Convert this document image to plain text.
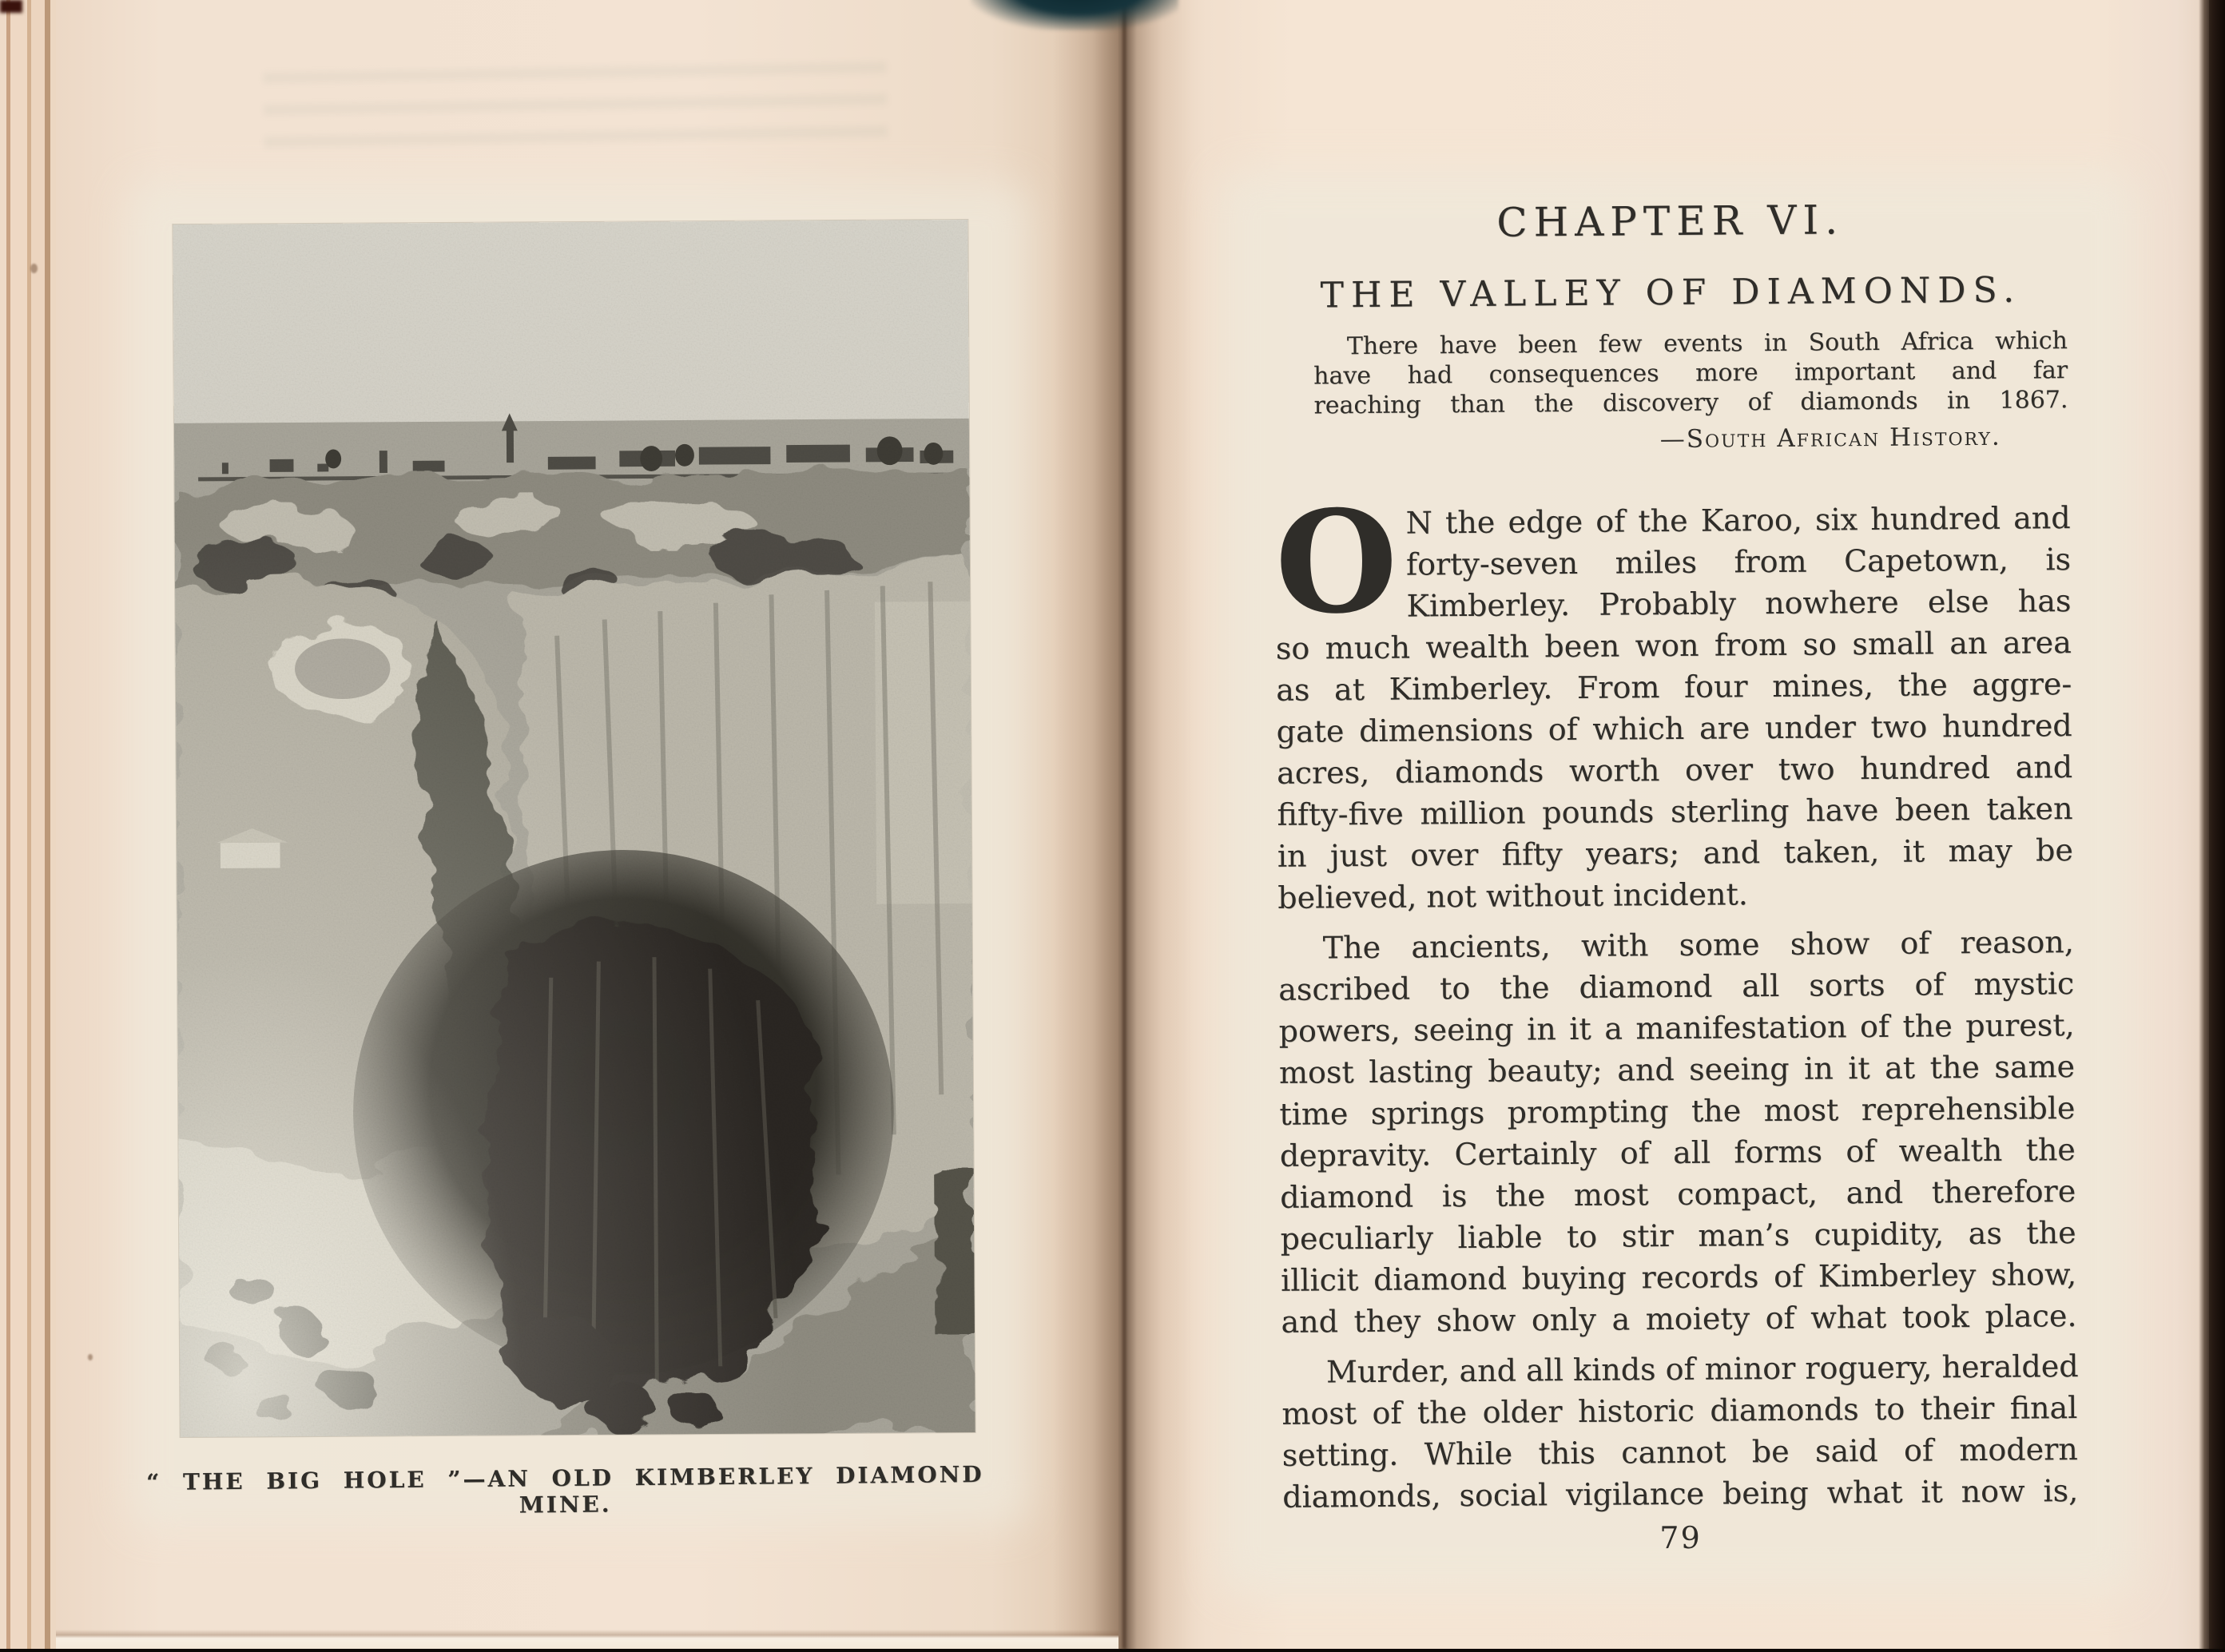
“ THE BIG HOLE ”—AN OLD KIMBERLEY DIAMOND MINE.
CHAPTER VI.
THE VALLEY OF DIAMONDS.
There have been few events in South Africa which
have had consequences more important and far
reaching than the discovery of diamonds in 1867.
—South African History.
O N the edge of the Karoo, six hundred and
forty-seven miles from Capetown, is
Kimberley. Probably nowhere else has
so much wealth been won from so small an area
as at Kimberley. From four mines, the aggre-
gate dimensions of which are under two hundred
acres, diamonds worth over two hundred and
fifty-five million pounds sterling have been taken
in just over fifty years; and taken, it may be
believed, not without incident.
The ancients, with some show of reason,
ascribed to the diamond all sorts of mystic
powers, seeing in it a manifestation of the purest,
most lasting beauty; and seeing in it at the same
time springs prompting the most reprehensible
depravity. Certainly of all forms of wealth the
diamond is the most compact, and therefore
peculiarly liable to stir man’s cupidity, as the
illicit diamond buying records of Kimberley show,
and they show only a moiety of what took place.
Murder, and all kinds of minor roguery, heralded
most of the older historic diamonds to their final
setting. While this cannot be said of modern
diamonds, social vigilance being what it now is,
79
